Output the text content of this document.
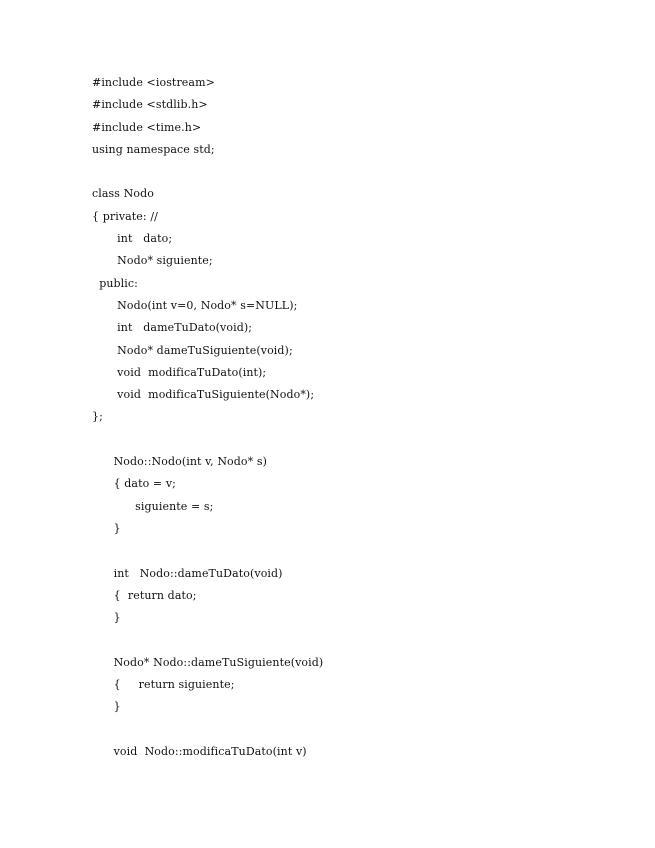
#include <iostream>
#include <stdlib.h>
#include <time.h>
using namespace std;
class Nodo
{ private: //
int   dato;
Nodo* siguiente;
public:
Nodo(int v=0, Nodo* s=NULL);
int   dameTuDato(void);
Nodo* dameTuSiguiente(void);
void  modificaTuDato(int);
void  modificaTuSiguiente(Nodo*);
};
Nodo::Nodo(int v, Nodo* s)
{ dato = v;
siguiente = s;
}
int   Nodo::dameTuDato(void)
{  return dato;
}
Nodo* Nodo::dameTuSiguiente(void)
{     return siguiente;
}
void  Nodo::modificaTuDato(int v)
